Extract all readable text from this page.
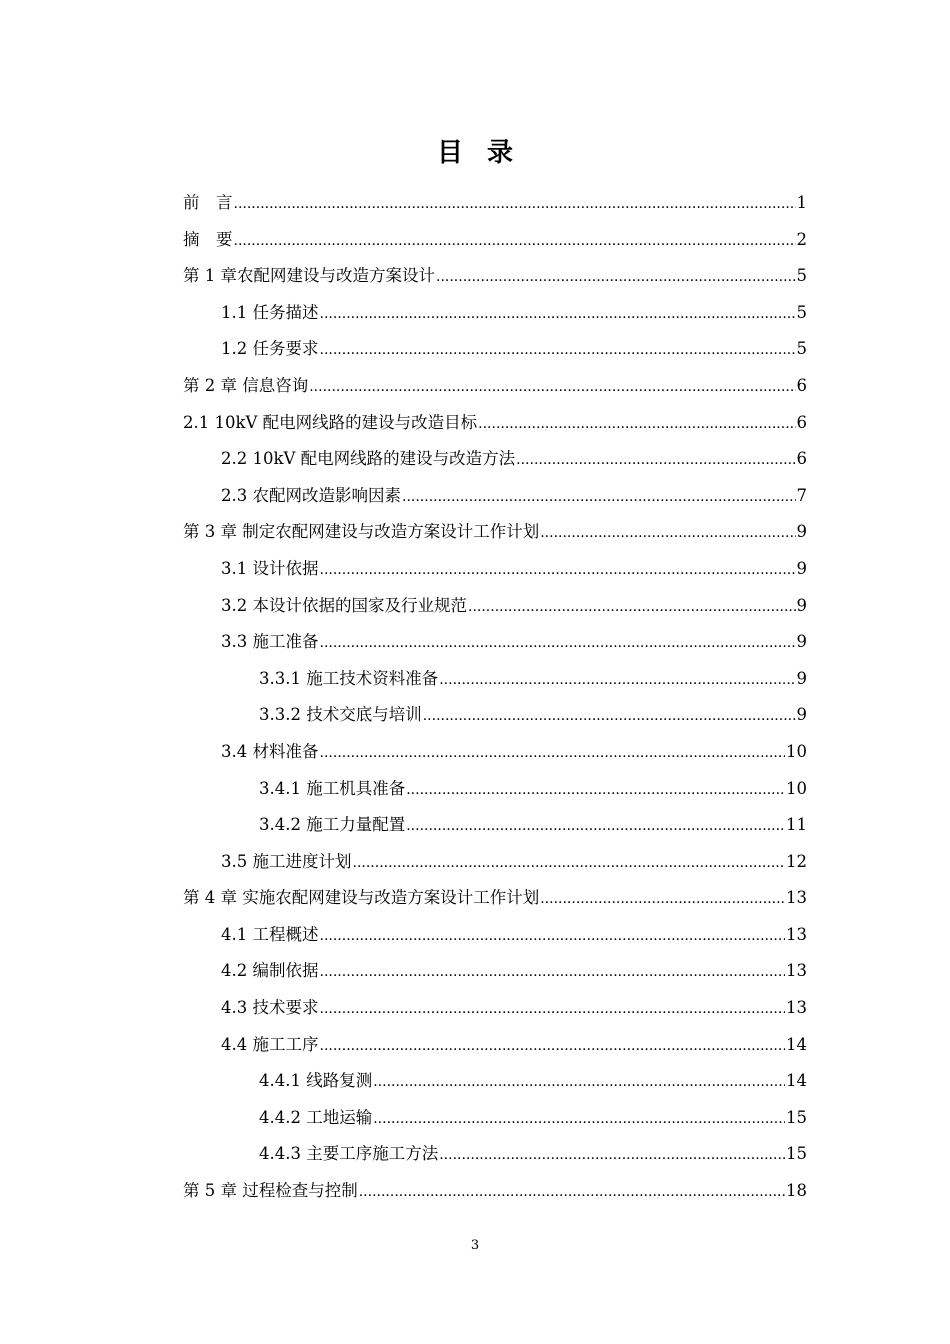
目 录
前　言 .....	1
摘　要 .....	2
第 1 章农配网建设与改造方案设计 .....	5
1.1 任务描述 .....	5
1.2 任务要求 .....	5
第 2 章 信息咨询 .....	6
2.1 10kV 配电网线路的建设与改造目标 .....	6
2.2 10kV 配电网线路的建设与改造方法 .....	6
2.3 农配网改造影响因素 .....	7
第 3 章 制定农配网建设与改造方案设计工作计划 .....	9
3.1 设计依据 .....	9
3.2 本设计依据的国家及行业规范 .....	9
3.3 施工准备 .....	9
3.3.1 施工技术资料准备 .....	9
3.3.2 技术交底与培训 .....	9
3.4 材料准备 .....	10
3.4.1 施工机具准备 .....	10
3.4.2 施工力量配置 .....	11
3.5 施工进度计划 .....	12
第 4 章 实施农配网建设与改造方案设计工作计划 .....	13
4.1 工程概述 .....	13
4.2 编制依据 .....	13
4.3 技术要求 .....	13
4.4 施工工序 .....	14
4.4.1 线路复测 .....	14
4.4.2 工地运输 .....	15
4.4.3 主要工序施工方法 .....	15
第 5 章 过程检查与控制 .....	18
3
